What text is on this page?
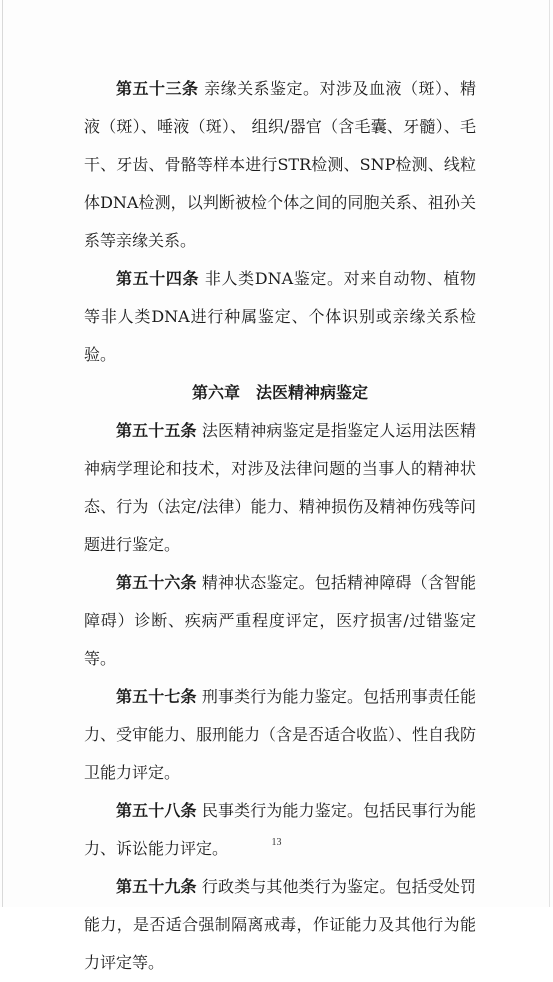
第五十三条 亲缘关系鉴定。对涉及血液（斑）、精液（斑）、唾液（斑）、 组织/器官（含毛囊、牙髓）、毛干、牙齿、骨骼等样本进行STR检测、SNP检测、线粒体DNA检测，以判断被检个体之间的同胞关系、祖孙关系等亲缘关系。

第五十四条 非人类DNA鉴定。对来自动物、植物等非人类DNA进行种属鉴定、个体识别或亲缘关系检验。

第六章　法医精神病鉴定

第五十五条 法医精神病鉴定是指鉴定人运用法医精神病学理论和技术，对涉及法律问题的当事人的精神状态、行为（法定/法律）能力、精神损伤及精神伤残等问题进行鉴定。

第五十六条 精神状态鉴定。包括精神障碍（含智能障碍）诊断、疾病严重程度评定，医疗损害/过错鉴定等。

第五十七条 刑事类行为能力鉴定。包括刑事责任能力、受审能力、服刑能力（含是否适合收监）、性自我防卫能力评定。

第五十八条 民事类行为能力鉴定。包括民事行为能力、诉讼能力评定。

第五十九条 行政类与其他类行为鉴定。包括受处罚能力，是否适合强制隔离戒毒，作证能力及其他行为能力评定等。

13
